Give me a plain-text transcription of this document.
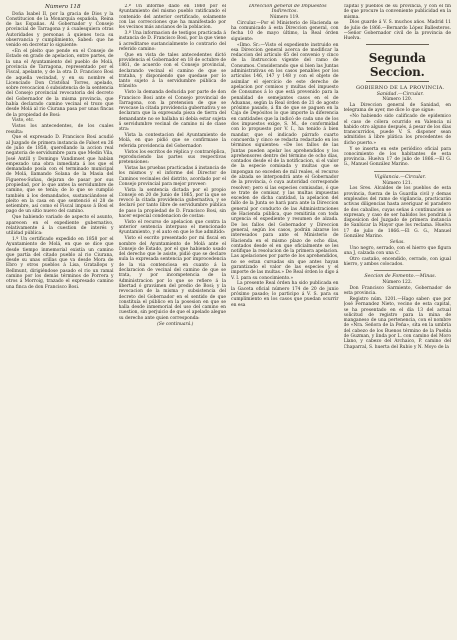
Número 118

Doña Isabel II, por la gracia de Dios y la Constitucion de la Monarquía española, Reina de las Españas. Al Gobernador y Consejo provincial de Tarragona y á cualesquiera otras Autoridades y personas á quienes toca su observancia y cumplimiento, Sabed: que he venido en decretar lo siguiente:

«En el pleito que pende en el Consejo de Estado en grado de apelacion, entre partes, de la una el Ayuntamiento del pueblo de Molá, provincia de Tarragona, representado por el Fiscal, apelante, y de la otra D. Francisco Bosi de aquella vecindad, y en su nombre el Licenciado Don Cristóbal Torres, apelado, sobre revocacion ó subsistencia de la sentencia del Consejo provincial revocatoria del decreto del Gobernador de la misma provincia, que había declarado camino vecinal el trozo que desde Molá al rio Ciurana pasa por unas fincas de la propiedad de Bosi:

Visto, etc.

Vistos los antecedentes, de los cuales resulta:

Que el expresado D. Francisco Bosí acudió al Juzgado de primera instancia de Falset en 26 de julio de 1858, querellando la accion real negatoria de servidumbre para que Medin Vila, José Antill y Domingo Vandimset que habían empezado una obra inmediata á los que el demandado posía con el terminado municipal de Molá, llamando Solana de la Masia del Figueres-Suñau, dejaran de pasar por sus propiedad, por lo que antes la servidumbre de camino, que se tenia; de lo que se cumplió también á los demandados, sustanciándose el pleito en la casa en que sentenció el 28 de setiembre, así como el Fiscal impuso á Bosi el pago de un sitio nuevo del camino.

Que habiendo variado de aspecto el asunto, aparecen en el expediente gubernativo, relativamente á la cuestion de interés y utilidad pública:

1.º Un certificado expedido en 1858 por el Ayuntamiento de Molá, en que se dice que desde tiempo inmemorial existía un camino que partía del citado pueblo al rio Ciurana, desde su unas orillas que va desde Mora de Ebro y otros pueblos á Lisa, Gratallops y Bellmunt, dirigiéndose pasado el rio un ramal camino por los demás términos de Porrera y otros á Morroig, trazado el expresado camino una finca de don Francisco Bosi.

2.º Un informe dado en 1860 por el Ayuntamiento del mismo pueblo ratificando el contenido del anterior certificado, solamente con las correcciones que ha manifestado por los vecinos más ancianos de la poblacion.

3.º Una informacion de testigos practicada á instancia de D. Francisco Bosi, por la que viene á acreditarse sustancialmente lo contrario del referido camino:

Que en vista de tales antecedentes dictó providencia el Gobernador en 18 de octubre de 1861, de acuerdo con el Consejo provincial, declarando vecinal el camino de que se trataba, y disponiendo que quedase por lo tanto sujeto á la servidumbre pública de tránsito:

Visto la demanda deducida por parte de don Francisco Bosi ante el Consejo provincial de Tarragona, con la pretension de que se revocase la citada providencia gubernativa y se declarara que la expresada pieza de tierra del demandante no se hallaba ni debía estar sujeta á servidumbre vecinal de camino ni de clase otra:

Vista la contestacion del Ayuntamiento de Molá, en que pidió que se confirmase la referida providencia del Gobernador:

Vistos los escritos de réplica y contraréplica, reproduciendo las partes sus respectivas pretensiones:

Vistas las pruebas practicadas á instancia de los mismos y el informe del Director de Caminos vecinales del distrito, acordado por el Consejo provincial para mejor proveer:

Vista la sentencia dictada por el propio Consejo en 20 de Junio de 1865, por la que se revocó la citada providencia gubernativa, y se declaró por tanto libre de servidumbre pública de paso la propiedad de D. Francisco Bosi, sin hacer especial condenacion de costas:

Visto el recurso de apelacion que contra la anterior sentencia interpuso el mencionado Ayuntamiento, y el auto en que le fue admitido:

Visto el escrito presentado por mi fiscal en nombre del Ayuntamiento de Molá ante el Consejo de Estado, por el que habiendo usado del derecho que le asiste, pidió que se declare nula la expresada sentencia por improcedencia de la via contenciosa en cuanto á la declaracion de vecinal del camino de que se trata, y por incompetencia de la Administracion por lo que se refiere á la libertad ó gravámen del predio de Bosi; y la revocacion de la misma y subsistencia del decreto del Gobernador en el sentido de que constituía el público en la posesion en que se halla desde inmemorial del uso del camino en cuestion, sin perjuicio de que el apelado alegue su derecho ante quien corresponda:

(Se continuará.)

Direccion general de Impuestos Indirectos.

Número 119.

Circular.—Por el Ministerio de Hacienda se ha comunicado á esta Direccion general, con fecha 10 de mayo último, la Real órden siguiente:

«Ilmo. Sr.:—Visto el expediente instruido en esa Direccion general acerca de modificar la redaccion del artículo 65 del convenio y cinco de la Instruccion vigente del ramo de Consumos. Considerando que si bien las Juntas administrativas en los casos penables por los artículos 146, 147 y 148 y con el objeto de asimilar el ejercicio de este derecho de apelacion por comisos y multas del impuesto de Consumos á lo que está prevenido para la penalidad de semejantes casos en el de Aduanas, según la Real órden de 21 de agosto próximo pasado, á fin de que se paguen en la Caja de Depósitos lo que importe la diferencia en cantidades que la indicó de cada uno de los dos impuestos exige, S. M., de conformidad con lo propuesto por V. I., ha tenido á bien mandar, que el indicado párrafo cuarto concuerda y cinco se redacta redactado en los términos siguientes: «De los fallos de las Juntas pueden apelar los aprehendidos y los aprehensores dentro del término de ocho días, contados desde el de la notificacion, si el valor de la especie comisada y multas que se impongan no exceden de mil reales, el recurso de alzada se interpondrá ante el Gobernador de la provincia, ó cuya autoridad corresponde resolver; pero si las especies comisadas, ó que se trate de comisar, y las multas impuestas exceden de dicha cantidad, la apelacion del fallo de la Junta se hará para ante la Direccion general por conducto de las Administraciones de Hacienda pública, que remitirán con toda urgencia el expediente y resumen de alzada. De los fallos del Gobernador y Direccion general, según los casos, podrán alzarse los interesados para ante el Ministerio de Hacienda en el mismo plazo de ocho días, contados desde el en que oficialmente se les notifique la resolucion de la primera apelacion. Las apelaciones por parte de los aprehendidos, no se estan cursadas sin que antes hayan garantizado el valor de las especies y el importe de las multas.» De Real órden lo digo á V. I. para su conocimiento.»

La presente Real órden ha sido publicada en la Gaceta oficial número 174 de 20 de junio próximo pasado; lo participo á V. S. para su cumplimiento en los casos que puedan ocurrir en esa

capital y pueblos de su provincia, y con el fin de que procure la conveniente publicidad en la misma.

Dios guarde á V. S. muchos años. Madrid 11 de julio de 1866.—Bernardo López Ballesteros.—Señor Gobernador civil de la provincia de Huelva.

Segunda Seccion.

GOBIERNO DE LA PROVINCIA.

Sanidad.—Circular.

Número 120.

La Direccion general de Sanidad, en telegrama de ayer, me dice lo que sigue:

«No habiendo sido calificado de epidemico el caso de cólera ocurrido en Valencia ni habido otro alguno después, á pesar de los días transcurridos, puede V. S. disponer sean admitidos á libre plática los procedentes de dicho puerto.»

Y se inserta en este periódico oficial para conocimiento de los habitantes de esta provincia. Huelva 17 de julio de 1866.—El G. G., Manuel González Marino.

Vigilancia.—Circular.

Número 121.

Los Sres. Alcaldes de los pueblos de esta provincia, fuerza de la Guardia civil y demas empleados del ramo de vigilancia, practicarán activas diligencias hasta averiguar el paradero de dos caballos, cuyas señas á continuacion se expresan; y caso de ser habidos los pondrán á disposicion del Juzgado de primera instancia de Sanlúcar la Mayor que los reclama. Huelva 17 de julio de 1866.—El G. G., Manuel González Marino.

Señas.

Uno negro, serrado, con el hierro que figura una J, calzada con una C.

Otro castaño, encendido, cerrado, con igual hierro, y ambos colocados.

Seccion de Fomento.—Minas.

Número 122.

Don Francisco Sarmiento, Gobernador de esta provincia.

Registro núm. 1201.—Hago saber: que por José Fernandez Nieto, vecino de esta capital, se ha presentado en el día 13 del actual solicitud de registro para la mina de manganeso de una pertenencia, con el nombre de «Nra. Señora de la Peña», sita en la umbría del cabezo de los Buenos término de la Puebla de Guzman, y linda por L. con camino del Moro Llano, y cabezo del Archaico, P. camino del Chaparral, S. huerta del Rubio y N. Moyo de la
